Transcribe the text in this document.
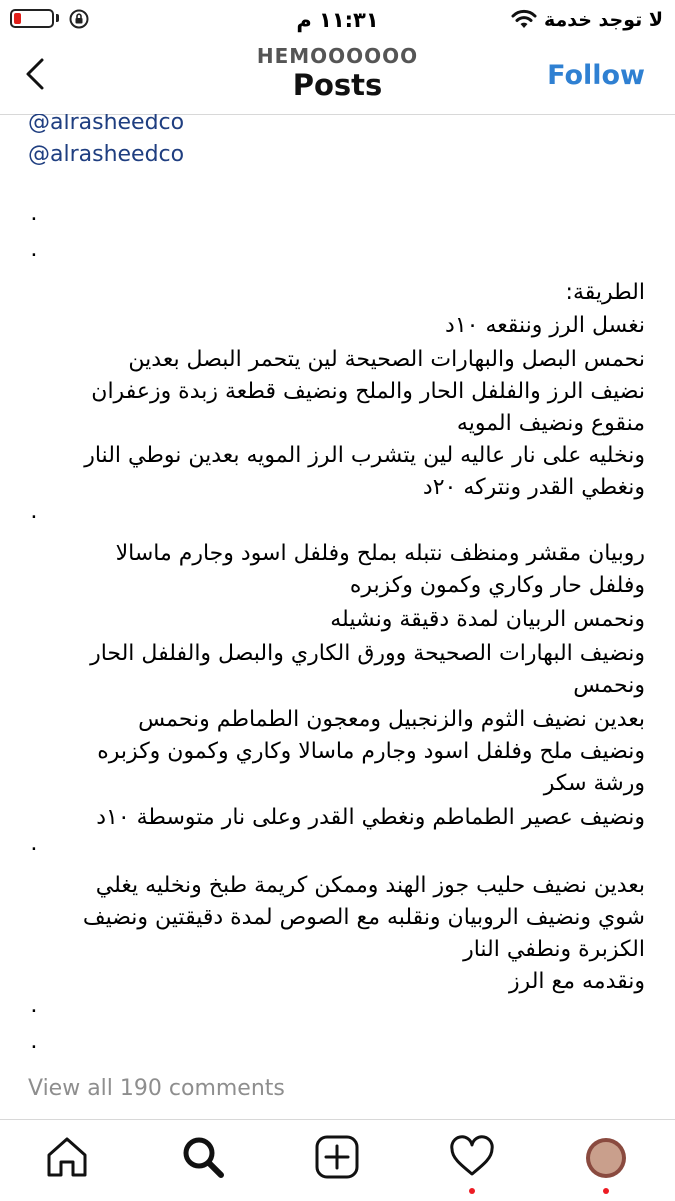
١١:٣١ م	لا توجد خدمة
HEMOOOOOO
Posts	Follow
@alrasheedco
@alrasheedco
٠
٠
الطريقة:
نغسل الرز وننقعه ١٠د
نحمس البصل والبهارات الصحيحة لين يتحمر البصل بعدين
نضيف الرز والفلفل الحار والملح ونضيف قطعة زبدة وزعفران
منقوع ونضيف المويه
ونخليه على نار عاليه لين يتشرب الرز المويه بعدين نوطي النار
ونغطي القدر ونتركه ٢٠د
٠
روبيان مقشر ومنظف نتبله بملح وفلفل اسود وجارم ماسالا
وفلفل حار وكاري وكمون وكزبره
ونحمس الربيان لمدة دقيقة ونشيله
ونضيف البهارات الصحيحة وورق الكاري والبصل والفلفل الحار
ونحمس
بعدين نضيف الثوم والزنجبيل ومعجون الطماطم ونحمس
ونضيف ملح وفلفل اسود وجارم ماسالا وكاري وكمون وكزبره
ورشة سكر
ونضيف عصير الطماطم ونغطي القدر وعلى نار متوسطة ١٠د
٠
بعدين نضيف حليب جوز الهند وممكن كريمة طبخ ونخليه يغلي
شوي ونضيف الروبيان ونقلبه مع الصوص لمدة دقيقتين ونضيف
الكزبرة ونطفي النار
ونقدمه مع الرز
٠
٠
View all 190 comments
